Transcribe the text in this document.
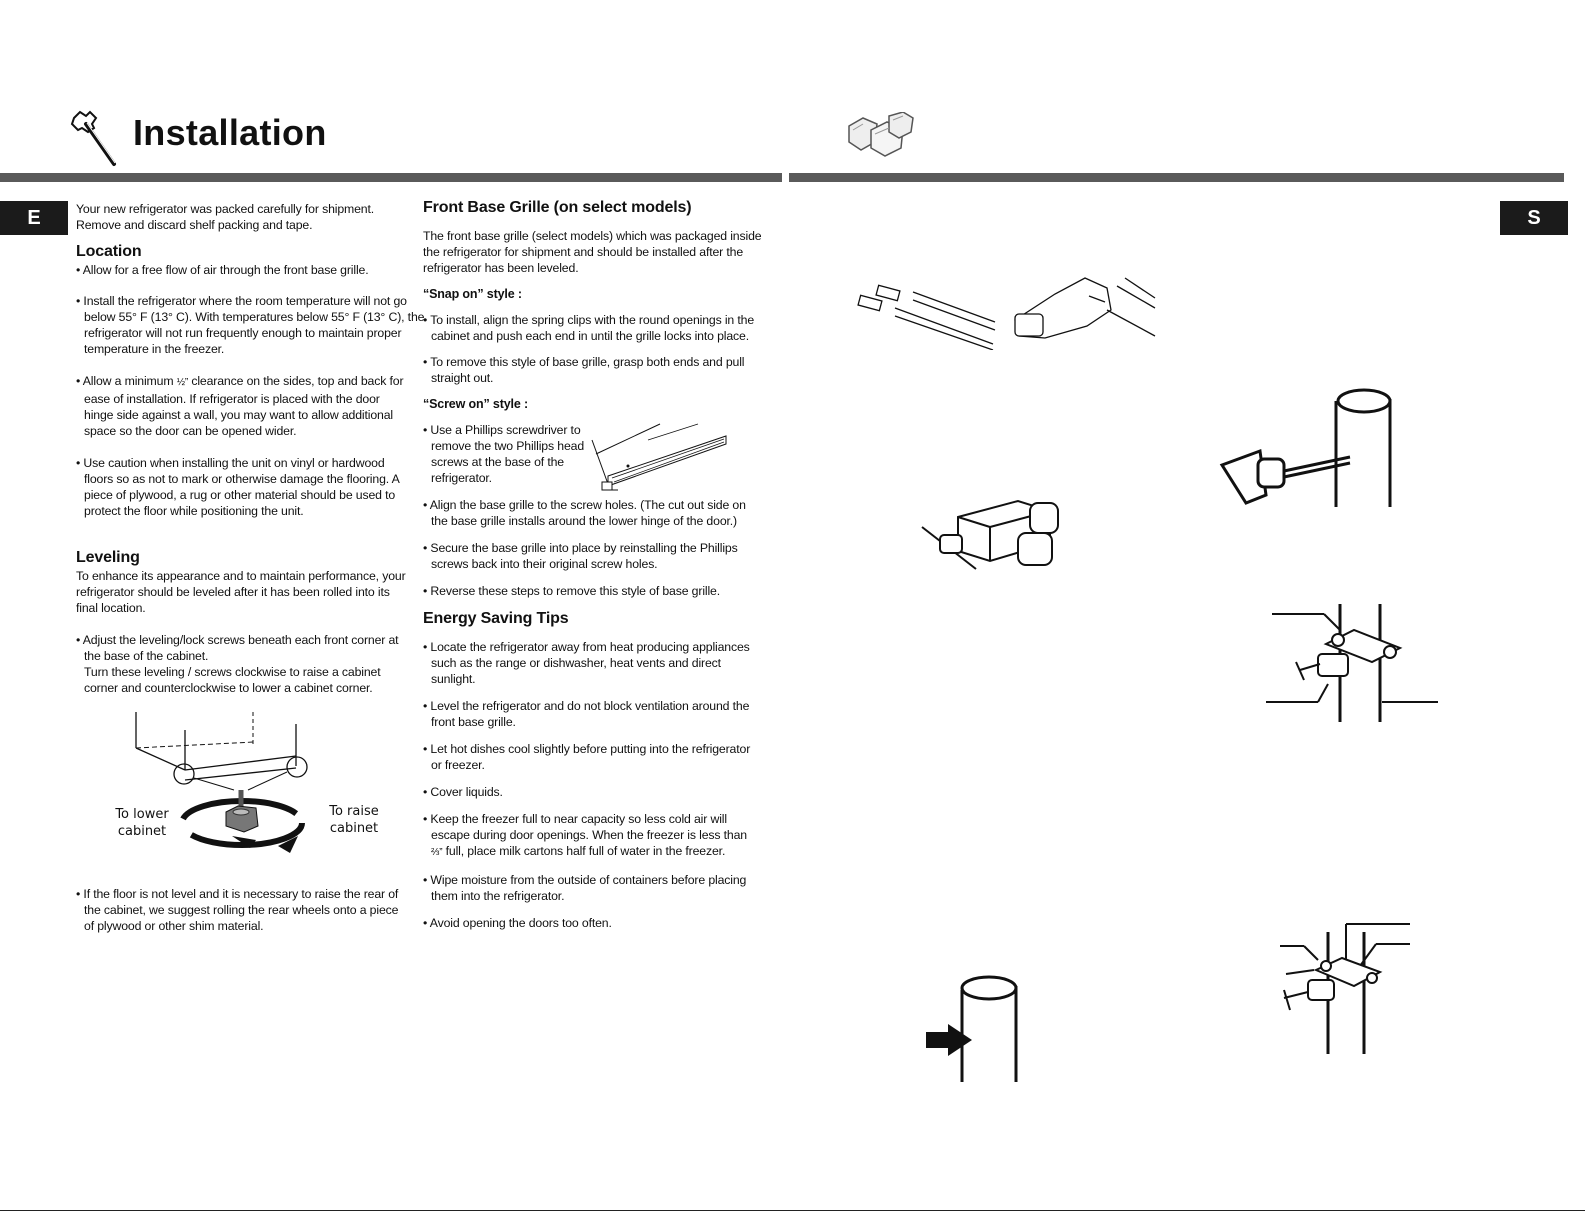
Installation
E	S

Your new refrigerator was packed carefully for shipment.

Remove and discard shelf packing and tape.

Location

• Allow for a free flow of air through the front base grille.

• Install the refrigerator where the room temperature will not go below 55° F (13° C). With temperatures below 55° F (13° C), the refrigerator will not run frequently enough to maintain proper temperature in the freezer.

• Allow a minimum ½” clearance on the sides, top and back for ease of installation. If refrigerator is placed with the door hinge side against a wall, you may want to allow additional space so the door can be opened wider.

• Use caution when installing the unit on vinyl or hardwood floors so as not to mark or otherwise damage the flooring. A piece of plywood, a rug or other material should be used to protect the floor while positioning the unit.

Leveling

To enhance its appearance and to maintain performance, your refrigerator should be leveled after it has been rolled into its final location.

• Adjust the leveling/lock screws beneath each front corner at the base of the cabinet.

Turn these leveling / screws clockwise to raise a cabinet corner and counterclockwise to lower a cabinet corner.

To lower
cabinet
To raise
cabinet

• If the floor is not level and it is necessary to raise the rear of the cabinet, we suggest rolling the rear wheels onto a piece of plywood or other shim material.

Front Base Grille (on select models)

The front base grille (select models) which was packaged inside the refrigerator for shipment and should be installed after the refrigerator has been leveled.

“Snap on” style :

• To install, align the spring clips with the round openings in the cabinet and push each end in until the grille locks into place.

• To remove this style of base grille, grasp both ends and pull straight out.

“Screw on” style :

• Use a Phillips screwdriver to remove the two Phillips head screws at the base of the refrigerator.

• Align the base grille to the screw holes. (The cut out side on the base grille installs around the lower hinge of the door.)

• Secure the base grille into place by reinstalling the Phillips screws back into their original screw holes.

• Reverse these steps to remove this style of base grille.

Energy Saving Tips

• Locate the refrigerator away from heat producing appliances such as the range or dishwasher, heat vents and direct sunlight.

• Level the refrigerator and do not block ventilation around the front base grille.

• Let hot dishes cool slightly before putting into the refrigerator or freezer.

• Cover liquids.

• Keep the freezer full to near capacity so less cold air will escape during door openings. When the freezer is less than ⅔” full, place milk cartons half full of water in the freezer.

• Wipe moisture from the outside of containers before placing them into the refrigerator.

• Avoid opening the doors too often.
